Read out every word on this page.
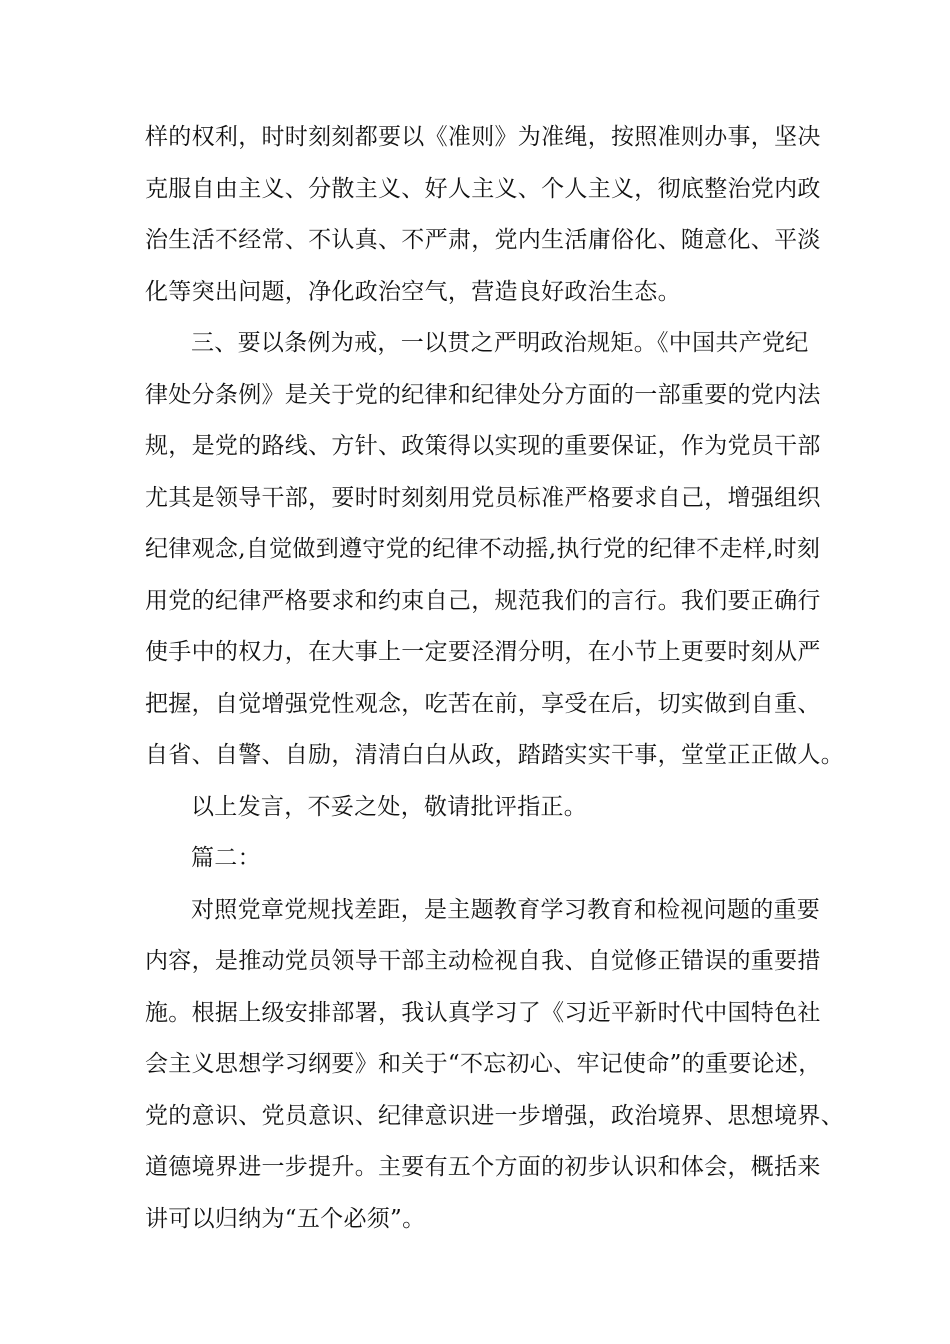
样的权利，时时刻刻都要以《准则》为准绳，按照准则办事，坚决

克服自由主义、分散主义、好人主义、个人主义，彻底整治党内政

治生活不经常、不认真、不严肃，党内生活庸俗化、随意化、平淡

化等突出问题，净化政治空气，营造良好政治生态。

三、要以条例为戒，一以贯之严明政治规矩。《中国共产党纪

律处分条例》是关于党的纪律和纪律处分方面的一部重要的党内法

规，是党的路线、方针、政策得以实现的重要保证，作为党员干部

尤其是领导干部，要时时刻刻用党员标准严格要求自己，增强组织

纪律观念,自觉做到遵守党的纪律不动摇,执行党的纪律不走样,时刻

用党的纪律严格要求和约束自己，规范我们的言行。我们要正确行

使手中的权力，在大事上一定要泾渭分明，在小节上更要时刻从严

把握，自觉增强党性观念，吃苦在前，享受在后，切实做到自重、

自省、自警、自励，清清白白从政，踏踏实实干事，堂堂正正做人。

以上发言，不妥之处，敬请批评指正。

篇二：

对照党章党规找差距，是主题教育学习教育和检视问题的重要

内容，是推动党员领导干部主动检视自我、自觉修正错误的重要措

施。根据上级安排部署，我认真学习了《习近平新时代中国特色社

会主义思想学习纲要》和关于“不忘初心、牢记使命”的重要论述，

党的意识、党员意识、纪律意识进一步增强，政治境界、思想境界、

道德境界进一步提升。主要有五个方面的初步认识和体会，概括来

讲可以归纳为“五个必须”。
